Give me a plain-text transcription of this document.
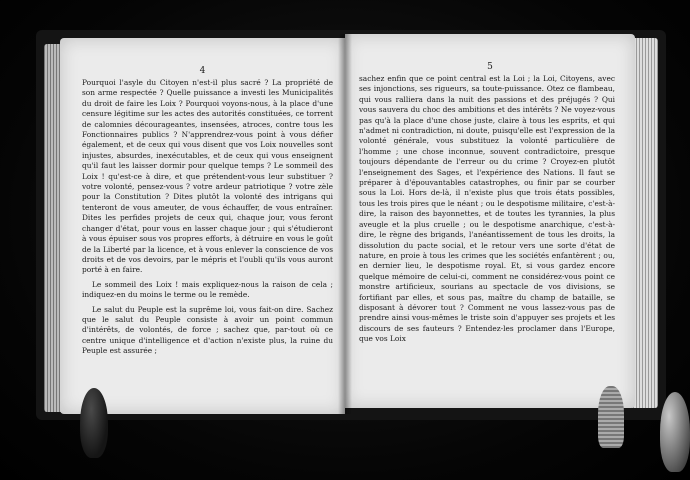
4

Pourquoi l'asyle du Citoyen n'est-il plus sacré ? La propriété de son arme respectée ? Quelle puissance a investi les Municipalités du droit de faire les Loix ? Pourquoi voyons-nous, à la place d'une censure légitime sur les actes des autorités constituées, ce torrent de calomnies décourageantes, insensées, atroces, contre tous les Fonctionnaires publics ? N'apprendrez-vous point à vous défier également, et de ceux qui vous disent que vos Loix nouvelles sont injustes, absurdes, inexécutables, et de ceux qui vous enseignent qu'il faut les laisser dormir pour quelque temps ? Le sommeil des Loix ! qu'est-ce à dire, et que prétendent-vous leur substituer ? votre volonté, pensez-vous ? votre ardeur patriotique ? votre zèle pour la Constitution ? Dites plutôt la volonté des intrigans qui tenteront de vous ameuter, de vous échauffer, de vous entraîner. Dites les perfides projets de ceux qui, chaque jour, vous feront changer d'état, pour vous en lasser chaque jour ; qui s'étudieront à vous épuiser sous vos propres efforts, à détruire en vous le goût de la Liberté par la licence, et à vous enlever la conscience de vos droits et de vos devoirs, par le mépris et l'oubli qu'ils vous auront porté à en faire.

Le sommeil des Loix ! mais expliquez-nous la raison de cela ; indiquez-en du moins le terme ou le remède.

Le salut du Peuple est la suprême loi, vous fait-on dire. Sachez que le salut du Peuple consiste à avoir un point commun d'intérêts, de volontés, de force ; sachez que, par-tout où ce centre unique d'intelligence et d'action n'existe plus, la ruine du Peuple est assurée ;

5

sachez enfin que ce point central est la Loi ; la Loi, Citoyens, avec ses injonctions, ses rigueurs, sa toute-puissance. Otez ce flambeau, qui vous ralliera dans la nuit des passions et des préjugés ? Qui vous sauvera du choc des ambitions et des intérêts ? Ne voyez-vous pas qu'à la place d'une chose juste, claire à tous les esprits, et qui n'admet ni contradiction, ni doute, puisqu'elle est l'expression de la volonté générale, vous substituez la volonté particulière de l'homme ; une chose inconnue, souvent contradictoire, presque toujours dépendante de l'erreur ou du crime ? Croyez-en plutôt l'enseignement des Sages, et l'expérience des Nations. Il faut se préparer à d'épouvantables catastrophes, ou finir par se courber sous la Loi. Hors de-là, il n'existe plus que trois états possibles, tous les trois pires que le néant ; ou le despotisme militaire, c'est-à-dire, la raison des bayonnettes, et de toutes les tyrannies, la plus aveugle et la plus cruelle ; ou le despotisme anarchique, c'est-à-dire, le règne des brigands, l'anéantissement de tous les droits, la dissolution du pacte social, et le retour vers une sorte d'état de nature, en proie à tous les crimes que les sociétés enfantèrent ; ou, en dernier lieu, le despotisme royal. Et, si vous gardez encore quelque mémoire de celui-ci, comment ne considérez-vous point ce monstre artificieux, sourians au spectacle de vos divisions, se fortifiant par elles, et sous pas, maître du champ de bataille, se disposant à dévorer tout ? Comment ne vous lassez-vous pas de prendre ainsi vous-mêmes le triste soin d'appuyer ses projets et les discours de ses fauteurs ? Entendez-les proclamer dans l'Europe, que vos Loix
